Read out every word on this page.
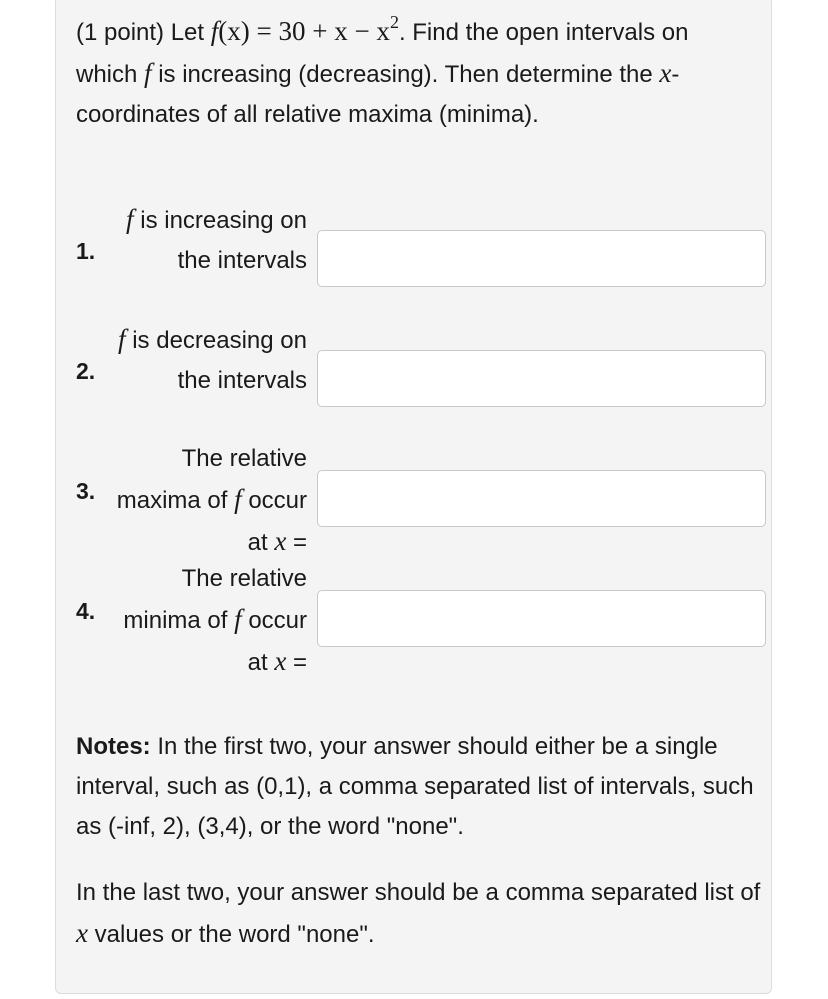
(1 point) Let $f(x) = 30 + x - x^2$. Find the open intervals on which f is increasing (decreasing). Then determine the x-coordinates of all relative maxima (minima).

1.
f is increasing on the intervals
2.
f is decreasing on the intervals
3.
The relative maxima of f occur at x =
4.
The relative minima of f occur at x =

Notes: In the first two, your answer should either be a single interval, such as (0,1), a comma separated list of intervals, such as (-inf, 2), (3,4), or the word "none".

In the last two, your answer should be a comma separated list of x values or the word "none".
